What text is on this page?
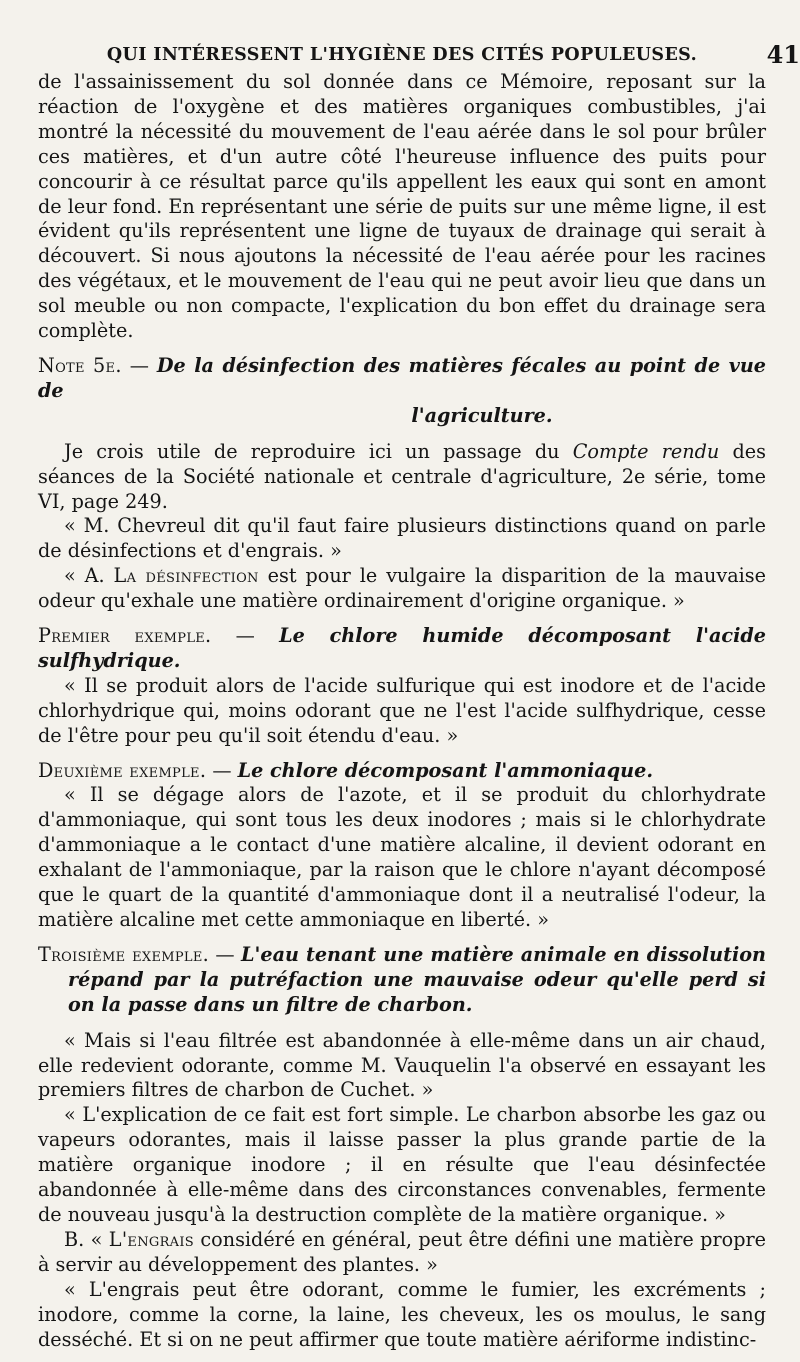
QUI INTÉRESSENT L'HYGIÈNE DES CITÉS POPULEUSES.	41

de l'assainissement du sol donnée dans ce Mémoire, reposant sur la réaction de l'oxygène et des matières organiques combustibles, j'ai montré la nécessité du mouvement de l'eau aérée dans le sol pour brûler ces matières, et d'un autre côté l'heureuse influence des puits pour concourir à ce résultat parce qu'ils appellent les eaux qui sont en amont de leur fond. En représentant une série de puits sur une même ligne, il est évident qu'ils représentent une ligne de tuyaux de drainage qui serait à découvert. Si nous ajoutons la nécessité de l'eau aérée pour les racines des végétaux, et le mouvement de l'eau qui ne peut avoir lieu que dans un sol meuble ou non compacte, l'explication du bon effet du drainage sera complète.

Note 5e. — De la désinfection des matières fécales au point de vue de
l'agriculture.

Je crois utile de reproduire ici un passage du Compte rendu des séances de la Société nationale et centrale d'agriculture, 2e série, tome VI, page 249.

« M. Chevreul dit qu'il faut faire plusieurs distinctions quand on parle de désinfections et d'engrais. »

« A. La désinfection est pour le vulgaire la disparition de la mauvaise odeur qu'exhale une matière ordinairement d'origine organique. »

Premier exemple. — Le chlore humide décomposant l'acide sulfhydrique.

« Il se produit alors de l'acide sulfurique qui est inodore et de l'acide chlorhydrique qui, moins odorant que ne l'est l'acide sulfhydrique, cesse de l'être pour peu qu'il soit étendu d'eau. »

Deuxième exemple. — Le chlore décomposant l'ammoniaque.

« Il se dégage alors de l'azote, et il se produit du chlorhydrate d'ammoniaque, qui sont tous les deux inodores ; mais si le chlorhydrate d'ammoniaque a le contact d'une matière alcaline, il devient odorant en exhalant de l'ammoniaque, par la raison que le chlore n'ayant décomposé que le quart de la quantité d'ammoniaque dont il a neutralisé l'odeur, la matière alcaline met cette ammoniaque en liberté. »

Troisième exemple. — L'eau tenant une matière animale en dissolution répand par la putréfaction une mauvaise odeur qu'elle perd si on la passe dans un filtre de charbon.

« Mais si l'eau filtrée est abandonnée à elle-même dans un air chaud, elle redevient odorante, comme M. Vauquelin l'a observé en essayant les premiers filtres de charbon de Cuchet. »

« L'explication de ce fait est fort simple. Le charbon absorbe les gaz ou vapeurs odorantes, mais il laisse passer la plus grande partie de la matière organique inodore ; il en résulte que l'eau désinfectée abandonnée à elle-même dans des circonstances convenables, fermente de nouveau jusqu'à la destruction complète de la matière organique. »

B. « L'engrais considéré en général, peut être défini une matière propre à servir au développement des plantes. »

« L'engrais peut être odorant, comme le fumier, les excréments ; inodore, comme la corne, la laine, les cheveux, les os moulus, le sang desséché. Et si on ne peut affirmer que toute matière aériforme indistinc-
